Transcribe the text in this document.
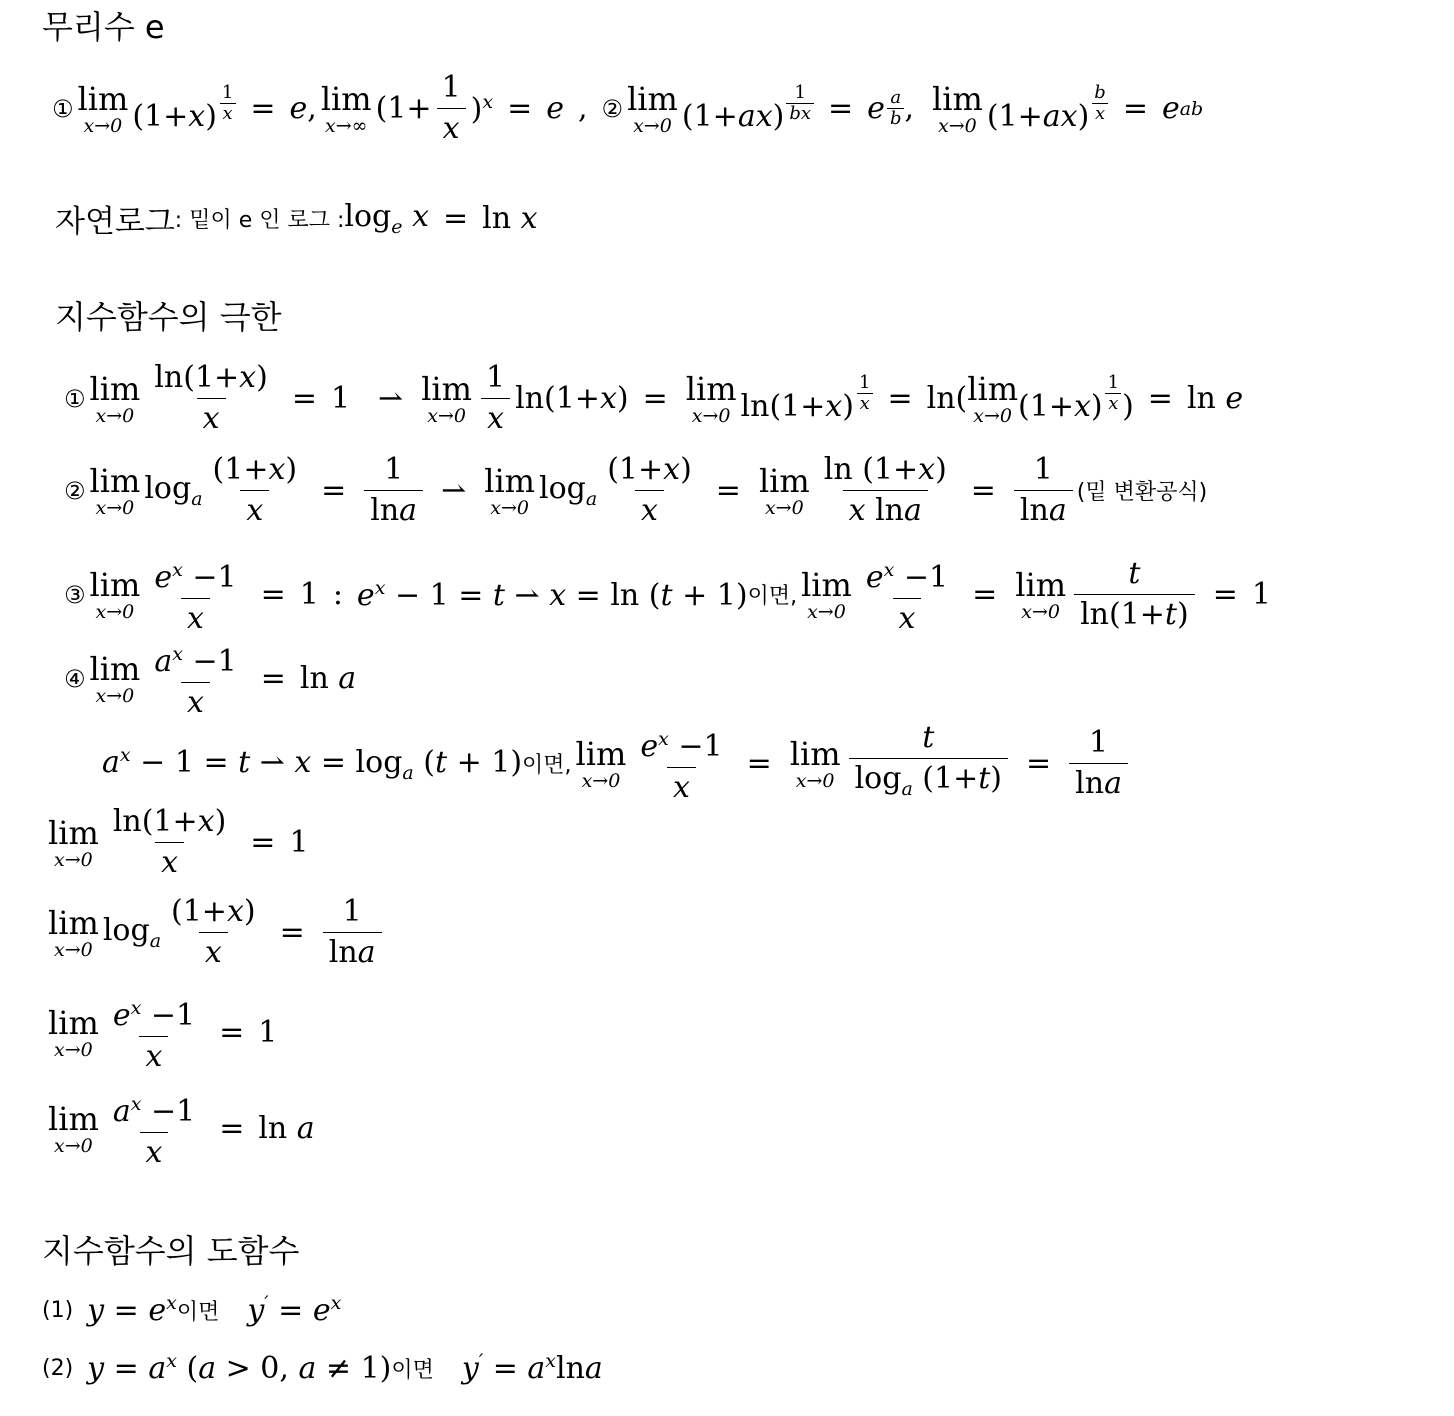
무리수 e
① lim
x→0 $(1+x) \frac{1}{x} = e$ , lim
x→∞ $(1+ \frac{1}{x} )^x = e$ , ② lim
x→0 $(1+ax) \frac{1}{bx} = e$ a
b , lim
x→0 $(1+ax) \frac{b}{x} = e$ ab
자연로그 : 밑이 e 인 로그 : $\log_e x = \ln x$
지수함수의 극한
① lim
$x\to 0 \frac{\ln(1+x)}{x} = 1$ ⇀ lim
$x\to 0 \frac{1}{x} \ln(1+x) = \lim$
x→0 $\ln(1+x) \frac{1}{x} = \ln$( lim
x→0 $(1+x) \frac{1}{x}$ ) = ln e
② lim
x→0
$\log_a \frac{(1+x)}{x} = \frac{1}{\ln a}$ ⇀ lim
x→0
$\log_a \frac{(1+x)}{x} = \lim$
$x\to 0 \frac{\ln (1+x)}{\text{x lna}} = \frac{1}{\ln a}$ (밑 변환공식)
③ lim
$x\to 0 \frac{e^x -1}{x} = 1$ : $e^x - 1 = t$ ⇀ x = ln (t + 1) 이면, lim
$x\to 0 \frac{e^x -1}{x} = \lim$
$x\to 0 \frac{t}{\ln(1+t)} = 1$
④ lim
$x\to 0 \frac{a^x -1}{x} = \ln a$
$a^x - 1 = t$ ⇀ $x = \log_a (t + 1)$ 이면, lim
$x\to 0 \frac{e^x -1}{x} = \lim$
$x\to 0 \frac{t}{\log_a (1+t)} = \frac{1}{\ln a}$
lim
$x\to 0 \frac{\ln(1+x)}{x} = 1$
lim
x→0
$\log_a \frac{(1+x)}{x} = \frac{1}{\ln a}$
lim
$x\to 0 \frac{e^x -1}{x} = 1$
lim
$x\to 0 \frac{a^x -1}{x} = \ln a$
지수함수의 도함수
(1) $y = e^x$ 이면 $y' = e^x$
(2) $y = a^x$ (a > 0, a ≠ 1) 이면 $y' = a^x\ln a$
